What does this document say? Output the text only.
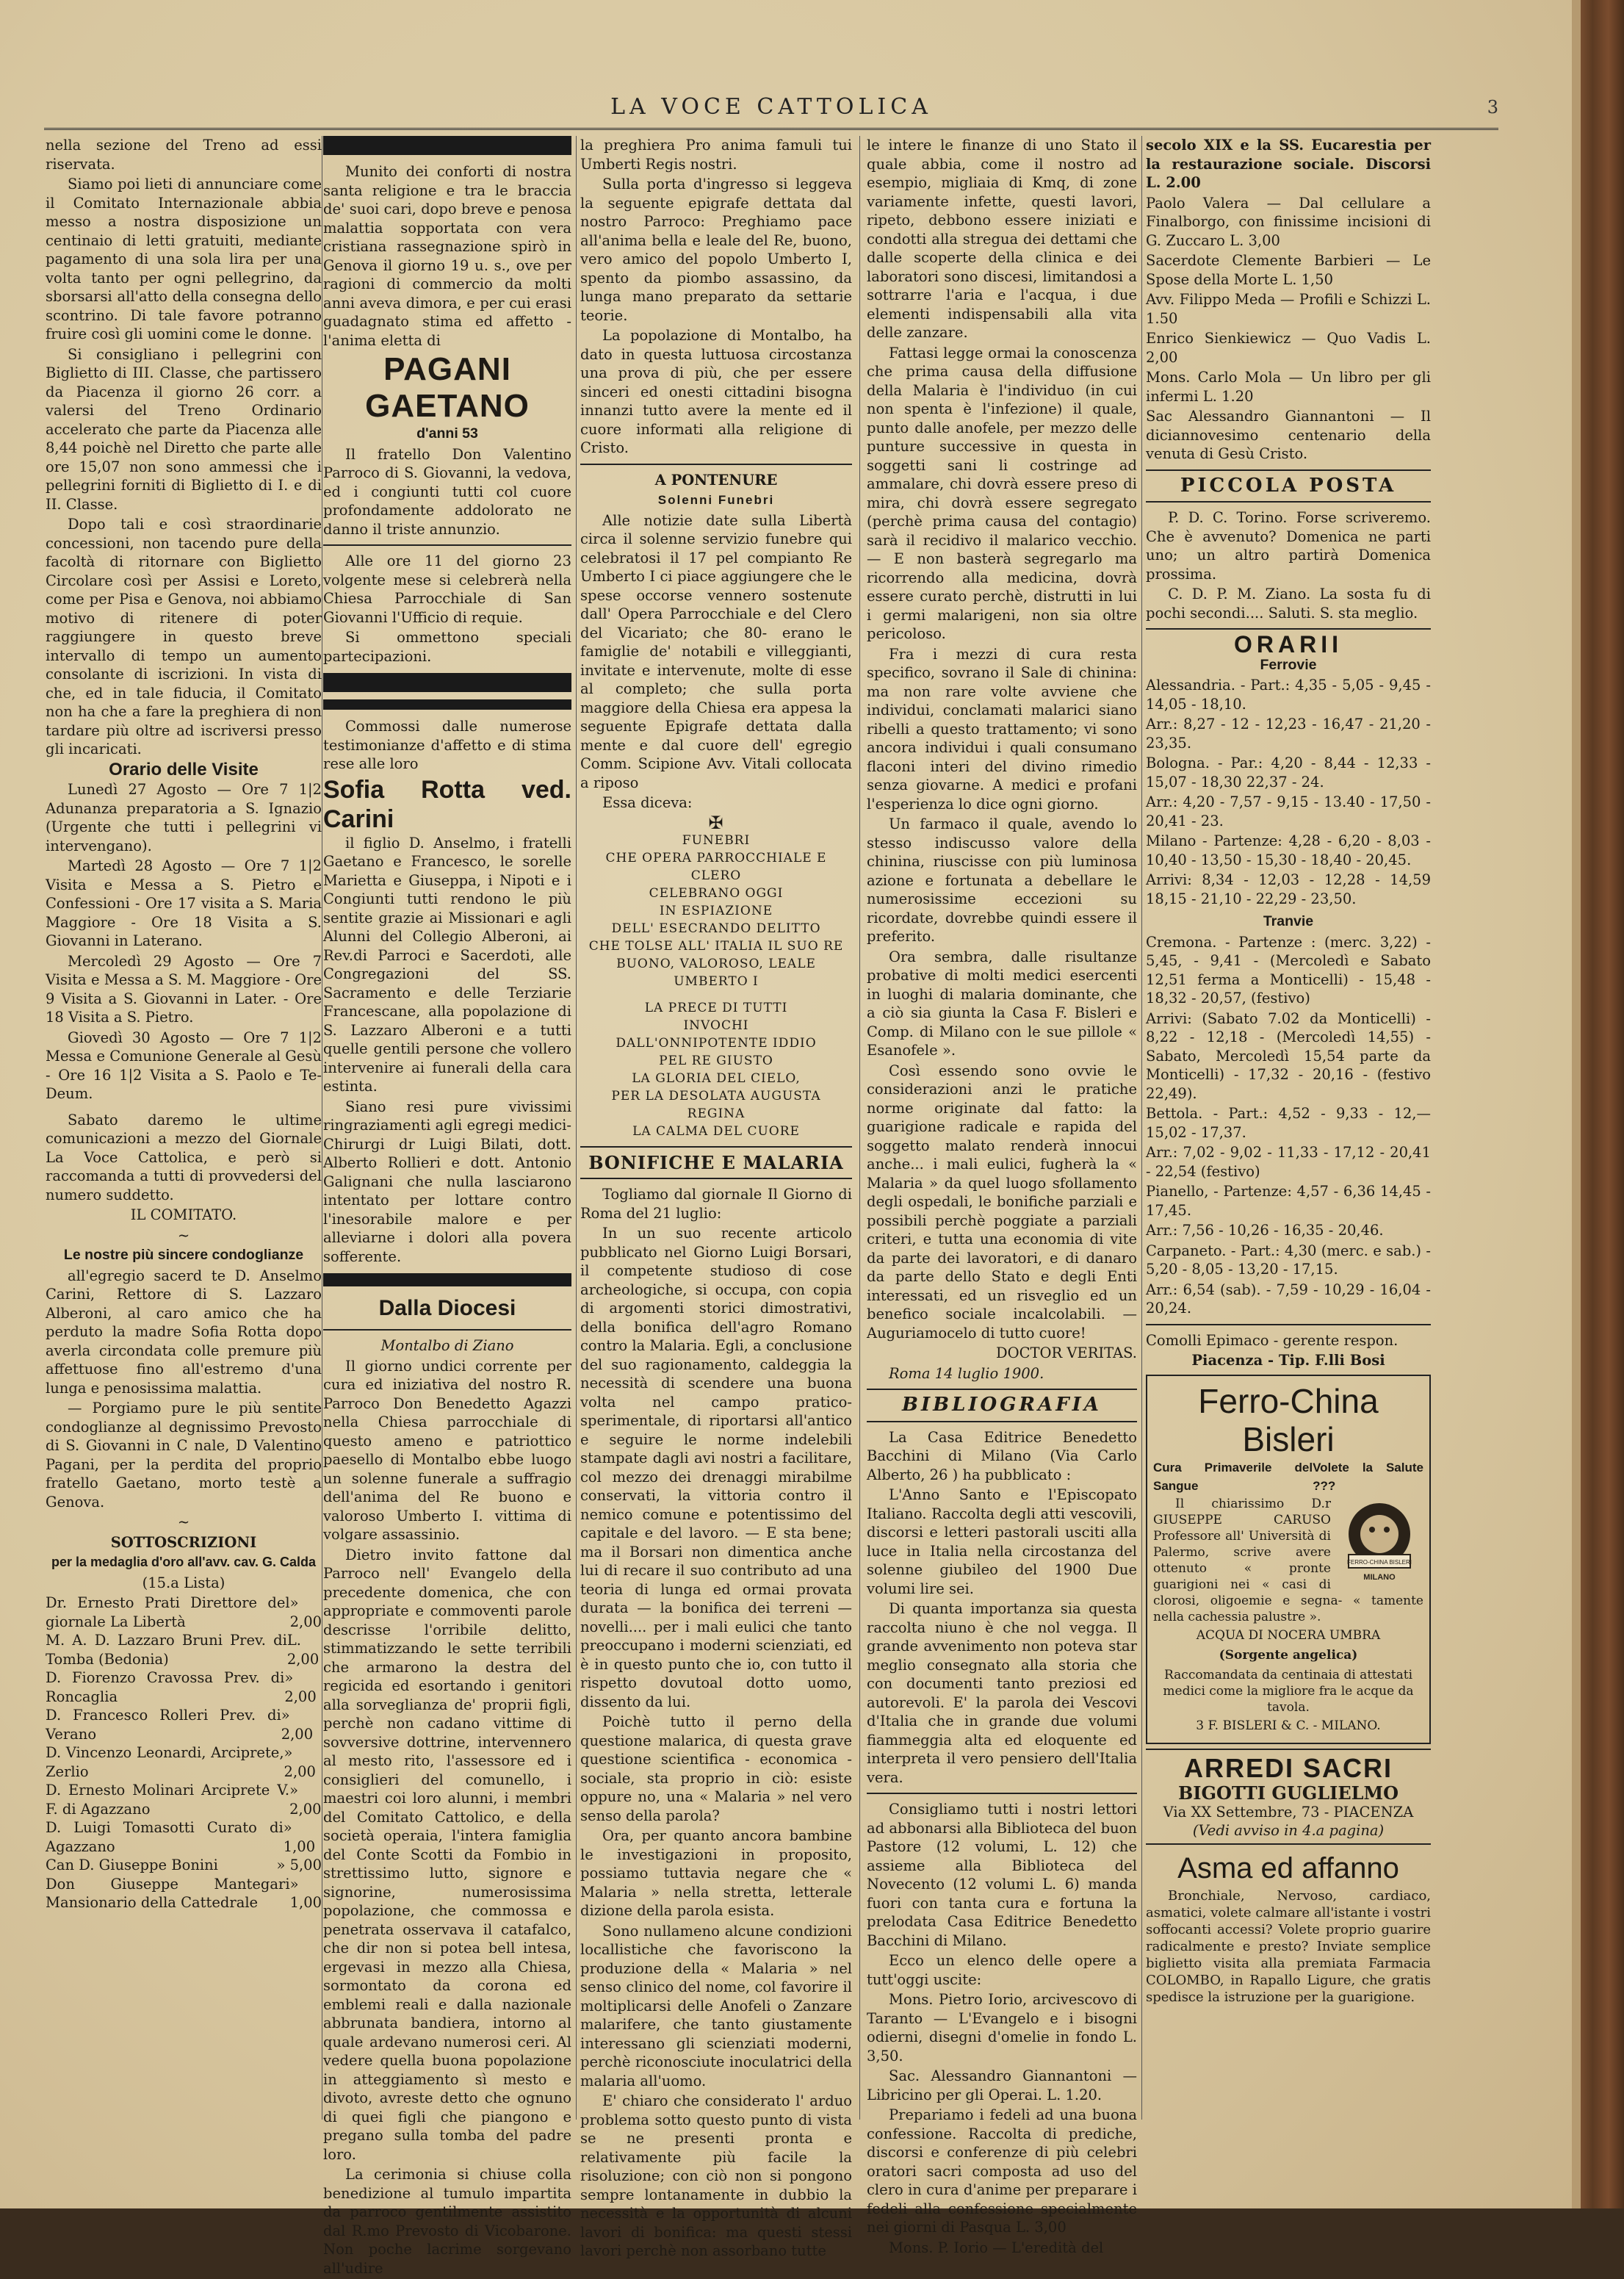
LA VOCE CATTOLICA	3

nella sezione del Treno ad essi riservata.

Siamo poi lieti di annunciare come il Comitato Internazionale abbia messo a nostra disposizione un centinaio di letti gratuiti, mediante pagamento di una sola lira per una volta tanto per ogni pellegrino, da sborsarsi all'atto della consegna dello scontrino. Di tale favore potranno fruire così gli uomini come le donne.

Si consigliano i pellegrini con Biglietto di III. Classe, che partissero da Piacenza il giorno 26 corr. a valersi del Treno Ordinario accelerato che parte da Piacenza alle 8,44 poichè nel Diretto che parte alle ore 15,07 non sono ammessi che i pellegrini forniti di Biglietto di I. e di II. Classe.

Dopo tali e così straordinarie concessioni, non tacendo pure della facoltà di ritornare con Biglietto Circolare così per Assisi e Loreto, come per Pisa e Genova, noi abbiamo motivo di ritenere di poter raggiungere in questo breve intervallo di tempo un aumento consolante di iscrizioni. In vista di che, ed in tale fiducia, il Comitato non ha che a fare la preghiera di non tardare più oltre ad iscriversi presso gli incaricati.

Orario delle Visite

Lunedì 27 Agosto — Ore 7 1|2 Adunanza preparatoria a S. Ignazio (Urgente che tutti i pellegrini vi intervengano).

Martedì 28 Agosto — Ore 7 1|2 Visita e Messa a S. Pietro e Confessioni - Ore 17 visita a S. Maria Maggiore - Ore 18 Visita a S. Giovanni in Laterano.

Mercoledì 29 Agosto — Ore 7 Visita e Messa a S. M. Maggiore - Ore 9 Visita a S. Giovanni in Later. - Ore 18 Visita a S. Pietro.

Giovedì 30 Agosto — Ore 7 1|2 Messa e Comunione Generale al Gesù - Ore 16 1|2 Visita a S. Paolo e Te-Deum.

Sabato daremo le ultime comunicazioni a mezzo del Giornale La Voce Cattolica, e però si raccomanda a tutti di provvedersi del numero suddetto.

IL COMITATO.

~

Le nostre più sincere condoglianze

all'egregio sacerd te D. Anselmo Carini, Rettore di S. Lazzaro Alberoni, al caro amico che ha perduto la madre Sofia Rotta dopo averla circondata colle premure più affettuose fino all'estremo d'una lunga e penosissima malattia.

— Porgiamo pure le più sentite condoglianze al degnissimo Prevosto di S. Giovanni in C nale, D Valentino Pagani, per la perdita del proprio fratello Gaetano, morto testè a Genova.

~

SOTTOSCRIZIONI

per la medaglia d'oro all'avv. cav. G. Calda

(15.a Lista)

Dr. Ernesto Prati Direttore del giornale La Libertà
» 2,00
M. A. D. Lazzaro Bruni Prev. di Tomba (Bedonia)
L. 2,00
D. Fiorenzo Cravossa Prev. di Roncaglia
» 2,00
D. Francesco Rolleri Prev. di Verano
» 2,00
D. Vincenzo Leonardi, Arciprete, Zerlio
» 2,00
D. Ernesto Molinari Arciprete V. F. di Agazzano
» 2,00
D. Luigi Tomasotti Curato di Agazzano
» 1,00
Can D. Giuseppe Bonini	» 5,00
Don Giuseppe Mantegari Mansionario della Cattedrale
» 1,00

Munito dei conforti di nostra santa religione e tra le braccia de' suoi cari, dopo breve e penosa malattia sopportata con vera cristiana rassegnazione spirò in Genova il giorno 19 u. s., ove per ragioni di commercio da molti anni aveva dimora, e per cui erasi guadagnato stima ed affetto - l'anima eletta di

PAGANI GAETANO

d'anni 53

Il fratello Don Valentino Parroco di S. Giovanni, la vedova, ed i congiunti tutti col cuore profondamente addolorato ne danno il triste annunzio.

Alle ore 11 del giorno 23 volgente mese si celebrerà nella Chiesa Parrocchiale di San Giovanni l'Ufficio di requie.

Si ommettono speciali partecipazioni.

Commossi dalle numerose testimonianze d'affetto e di stima rese alle loro

Sofia Rotta ved. Carini

il figlio D. Anselmo, i fratelli Gaetano e Francesco, le sorelle Marietta e Giuseppa, i Nipoti e i Congiunti tutti rendono le più sentite grazie ai Missionari e agli Alunni del Collegio Alberoni, ai Rev.di Parroci e Sacerdoti, alle Congregazioni del SS. Sacramento e delle Terziarie Francescane, alla popolazione di S. Lazzaro Alberoni e a tutti quelle gentili persone che vollero intervenire ai funerali della cara estinta.

Siano resi pure vivissimi ringraziamenti agli egregi medici-Chirurgi dr Luigi Bilati, dott. Alberto Rollieri e dott. Antonio Galignani che nulla lasciarono intentato per lottare contro l'inesorabile malore e per alleviarne i dolori alla povera sofferente.

Dalla Diocesi

Montalbo di Ziano

Il giorno undici corrente per cura ed iniziativa del nostro R. Parroco Don Benedetto Agazzi nella Chiesa parrocchiale di questo ameno e patriottico paesello di Montalbo ebbe luogo un solenne funerale a suffragio dell'anima del Re buono e valoroso Umberto I. vittima di volgare assassinio.

Dietro invito fattone dal Parroco nell' Evangelo della precedente domenica, che con appropriate e commoventi parole descrisse l'orribile delitto, stimmatizzando le sette terribili che armarono la destra del regicida ed esortando i genitori alla sorveglianza de' proprii figli, perchè non cadano vittime di sovversive dottrine, intervennero al mesto rito, l'assessore ed i consiglieri del comunello, i maestri coi loro alunni, i membri del Comitato Cattolico, e della società operaia, l'intera famiglia del Conte Scotti da Fombio in strettissimo lutto, signore e signorine, numerosissima popolazione, che commossa e penetrata osservava il catafalco, che dir non si potea bell intesa, ergevasi in mezzo alla Chiesa, sormontato da corona ed emblemi reali e dalla nazionale abbrunata bandiera, intorno al quale ardevano numerosi ceri. Al vedere quella buona popolazione in atteggiamento sì mesto e divoto, avreste detto che ognuno di quei figli che piangono e pregano sulla tomba del padre loro.

La cerimonia si chiuse colla benedizione al tumulo impartita da parroco gentilmente assistito dal R.mo Prevosto di Vicobarone. Non poche lacrime sorgevano all'udire

la preghiera Pro anima famuli tui Umberti Regis nostri.

Sulla porta d'ingresso si leggeva la seguente epigrafe dettata dal nostro Parroco: Preghiamo pace all'anima bella e leale del Re, buono, vero amico del popolo Umberto I, spento da piombo assassino, da lunga mano preparato da settarie teorie.

La popolazione di Montalbo, ha dato in questa luttuosa circostanza una prova di più, che per essere sinceri ed onesti cittadini bisogna innanzi tutto avere la mente ed il cuore informati alla religione di Cristo.

A PONTENURE

Solenni Funebri

Alle notizie date sulla Libertà circa il solenne servizio funebre qui celebratosi il 17 pel compianto Re Umberto I ci piace aggiungere che le spese occorse vennero sostenute dall' Opera Parrocchiale e del Clero del Vicariato; che 80- erano le famiglie de' notabili e villeggianti, invitate e intervenute, molte di esse al completo; che sulla porta maggiore della Chiesa era appesa la seguente Epigrafe dettata dalla mente e dal cuore dell' egregio Comm. Scipione Avv. Vitali collocata a riposo

Essa diceva:

✠
FUNEBRI
CHE OPERA PARROCCHIALE E CLERO
CELEBRANO OGGI
IN ESPIAZIONE
DELL' ESECRANDO DELITTO
CHE TOLSE ALL' ITALIA IL SUO RE
BUONO, VALOROSO, LEALE
UMBERTO I
LA PRECE DI TUTTI
INVOCHI
DALL'ONNIPOTENTE IDDIO
PEL RE GIUSTO
LA GLORIA DEL CIELO,
PER LA DESOLATA AUGUSTA REGINA
LA CALMA DEL CUORE

BONIFICHE E MALARIA

Togliamo dal giornale Il Giorno di Roma del 21 luglio:

In un suo recente articolo pubblicato nel Giorno Luigi Borsari, il competente studioso di cose archeologiche, si occupa, con copia di argomenti storici dimostrativi, della bonifica dell'agro Romano contro la Malaria. Egli, a conclusione del suo ragionamento, caldeggia la necessità di scendere una buona volta nel campo pratico-sperimentale, di riportarsi all'antico e seguire le norme indelebili stampate dagli avi nostri a facilitare, col mezzo dei drenaggi mirabilme conservati, la vittoria contro il nemico comune e potentissimo del capitale e del lavoro. — E sta bene; ma il Borsari non dimentica anche lui di recare il suo contributo ad una teoria di lunga ed ormai provata durata — la bonifica dei terreni — novelli.... per i mali eulici che tanto preoccupano i moderni scienziati, ed è in questo punto che io, con tutto il rispetto dovutoal dotto uomo, dissento da lui.

Poichè tutto il perno della questione malarica, di questa grave questione scientifica - economica - sociale, sta proprio in ciò: esiste oppure no, una « Malaria » nel vero senso della parola?

Ora, per quanto ancora bambine le investigazioni in proposito, possiamo tuttavia negare che « Malaria » nella stretta, letterale dizione della parola esista.

Sono nullameno alcune condizioni locallistiche che favoriscono la produzione della « Malaria » nel senso clinico del nome, col favorire il moltiplicarsi delle Anofeli o Zanzare malarifere, che tanto giustamente interessano gli scienziati moderni, perchè riconosciute inoculatrici della malaria all'uomo.

E' chiaro che considerato l' arduo problema sotto questo punto di vista se ne presenti pronta e relativamente più facile la risoluzione; con ciò non si pongono sempre lontanamente in dubbio la necessità e la opportunità di alcuni lavori di bonifica: ma questi stessi lavori perchè non assorbano tutte

le intere le finanze di uno Stato il quale abbia, come il nostro ad esempio, migliaia di Kmq, di zone variamente infette, questi lavori, ripeto, debbono essere iniziati e condotti alla stregua dei dettami che dalle scoperte della clinica e dei laboratori sono discesi, limitandosi a sottrarre l'aria e l'acqua, i due elementi indispensabili alla vita delle zanzare.

Fattasi legge ormai la conoscenza che prima causa della diffusione della Malaria è l'individuo (in cui non spenta è l'infezione) il quale, punto dalle anofele, per mezzo delle punture successive in questa in soggetti sani li costringe ad ammalare, chi dovrà essere preso di mira, chi dovrà essere segregato (perchè prima causa del contagio) sarà il recidivo il malarico vecchio. — E non basterà segregarlo ma ricorrendo alla medicina, dovrà essere curato perchè, distrutti in lui i germi malarigeni, non sia oltre pericoloso.

Fra i mezzi di cura resta specifico, sovrano il Sale di chinina: ma non rare volte avviene che individui, conclamati malarici siano ribelli a questo trattamento; vi sono ancora individui i quali consumano flaconi interi del divino rimedio senza giovarne. A medici e profani l'esperienza lo dice ogni giorno.

Un farmaco il quale, avendo lo stesso indiscusso valore della chinina, riuscisse con più luminosa azione e fortunata a debellare le numerosissime eccezioni su ricordate, dovrebbe quindi essere il preferito.

Ora sembra, dalle risultanze probative di molti medici esercenti in luoghi di malaria dominante, che a ciò sia giunta la Casa F. Bisleri e Comp. di Milano con le sue pillole « Esanofele ».

Così essendo sono ovvie le considerazioni anzi le pratiche norme originate dal fatto: la guarigione radicale e rapida del soggetto malato renderà innocui anche... i mali eulici, fugherà la « Malaria » da quel luogo sfollamento degli ospedali, le bonifiche parziali e possibili perchè poggiate a parziali criteri, e tutta una economia di vite da parte dei lavoratori, e di danaro da parte dello Stato e degli Enti interessati, ed un risveglio ed un benefico sociale incalcolabili. — Auguriamocelo di tutto cuore!

DOCTOR VERITAS.

Roma 14 luglio 1900.

BIBLIOGRAFIA

La Casa Editrice Benedetto Bacchini di Milano (Via Carlo Alberto, 26 ) ha pubblicato :

L'Anno Santo e l'Episcopato Italiano. Raccolta degli atti vescovili, discorsi e letteri pastorali usciti alla luce in Italia nella circostanza del solenne giubileo del 1900 Due volumi lire sei.

Di quanta importanza sia questa raccolta niuno è che nol vegga. Il grande avvenimento non poteva star meglio consegnato alla storia che con documenti tanto preziosi ed autorevoli. E' la parola dei Vescovi d'Italia che in grande due volumi fiammeggia alta ed eloquente ed interpreta il vero pensiero dell'Italia vera.

Consigliamo tutti i nostri lettori ad abbonarsi alla Biblioteca del buon Pastore (12 volumi, L. 12) che assieme alla Biblioteca del Novecento (12 volumi L. 6) manda fuori con tanta cura e fortuna la prelodata Casa Editrice Benedetto Bacchini di Milano.

Ecco un elenco delle opere a tutt'oggi uscite:

Mons. Pietro Iorio, arcivescovo di Taranto — L'Evangelo e i bisogni odierni, disegni d'omelie in fondo L. 3,50.

Sac. Alessandro Giannantoni — Libricino per gli Operai. L. 1.20.

Prepariamo i fedeli ad una buona confessione. Raccolta di prediche, discorsi e conferenze di più celebri oratori sacri composta ad uso del clero in cura d'anime per preparare i fedeli alla confessione specialmente nei giorni di Pasqua L. 3,00

Mons. P. Iorio — L'eredità del

secolo XIX e la SS. Eucarestia per la restaurazione sociale. Discorsi L. 2.00

Paolo Valera — Dal cellulare a Finalborgo, con finissime incisioni di G. Zuccaro L. 3,00

Sacerdote Clemente Barbieri — Le Spose della Morte L. 1,50

Avv. Filippo Meda — Profili e Schizzi L. 1.50

Enrico Sienkiewicz — Quo Vadis L. 2,00

Mons. Carlo Mola — Un libro per gli infermi L. 1.20

Sac Alessandro Giannantoni — Il diciannovesimo centenario della venuta di Gesù Cristo.

PICCOLA POSTA

P. D. C. Torino. Forse scriveremo. Che è avvenuto? Domenica ne parti uno; un altro partirà Domenica prossima.

C. D. P. M. Ziano. La sosta fu di pochi secondi.... Saluti. S. sta meglio.

ORARII

Ferrovie

Alessandria. - Part.: 4,35 - 5,05 - 9,45 - 14,05 - 18,10.

Arr.: 8,27 - 12 - 12,23 - 16,47 - 21,20 - 23,35.

Bologna. - Par.: 4,20 - 8,44 - 12,33 - 15,07 - 18,30 22,37 - 24.

Arr.: 4,20 - 7,57 - 9,15 - 13.40 - 17,50 - 20,41 - 23.

Milano - Partenze: 4,28 - 6,20 - 8,03 - 10,40 - 13,50 - 15,30 - 18,40 - 20,45.

Arrivi: 8,34 - 12,03 - 12,28 - 14,59 18,15 - 21,10 - 22,29 - 23,50.

Tranvie

Cremona. - Partenze : (merc. 3,22) - 5,45, - 9,41 - (Mercoledì e Sabato 12,51 ferma a Monticelli) - 15,48 - 18,32 - 20,57, (festivo)

Arrivi: (Sabato 7.02 da Monticelli) - 8,22 - 12,18 - (Mercoledì 14,55) - Sabato, Mercoledì 15,54 parte da Monticelli) - 17,32 - 20,16 - (festivo 22,49).

Bettola. - Part.: 4,52 - 9,33 - 12,— 15,02 - 17,37.

Arr.: 7,02 - 9,02 - 11,33 - 17,12 - 20,41 - 22,54 (festivo)

Pianello, - Partenze: 4,57 - 6,36 14,45 - 17,45.

Arr.: 7,56 - 10,26 - 16,35 - 20,46.

Carpaneto. - Part.: 4,30 (merc. e sab.) - 5,20 - 8,05 - 13,20 - 17,15.

Arr.: 6,54 (sab). - 7,59 - 10,29 - 16,04 - 20,24.

Comolli Epimaco - gerente respon.

Piacenza - Tip. F.lli Bosi

Ferro-China Bisleri
Cura Primaverile del Sangue
Volete la Salute ???
FERRO-CHINA BISLERI
MILANO

Il chiarissimo D.r GIUSEPPE CARUSO Professore all' Università di Palermo, scrive avere ottenuto « pronte guarigioni nei « casi di clorosi, oligoemie e segna- « tamente nella cachessia palustre ».

ACQUA DI NOCERA UMBRA

(Sorgente angelica)

Raccomandata da centinaia di attestati medici come la migliore fra le acque da tavola.

3 F. BISLERI & C. - MILANO.

ARREDI SACRI
BIGOTTI GUGLIELMO
Via XX Settembre, 73 - PIACENZA
(Vedi avviso in 4.a pagina)
Asma ed affanno

Bronchiale, Nervoso, cardiaco, asmatici, volete calmare all'istante i vostri soffocanti accessi? Volete proprio guarire radicalmente e presto? Inviate semplice biglietto visita alla premiata Farmacia COLOMBO, in Rapallo Ligure, che gratis spedisce la istruzione per la guarigione.
